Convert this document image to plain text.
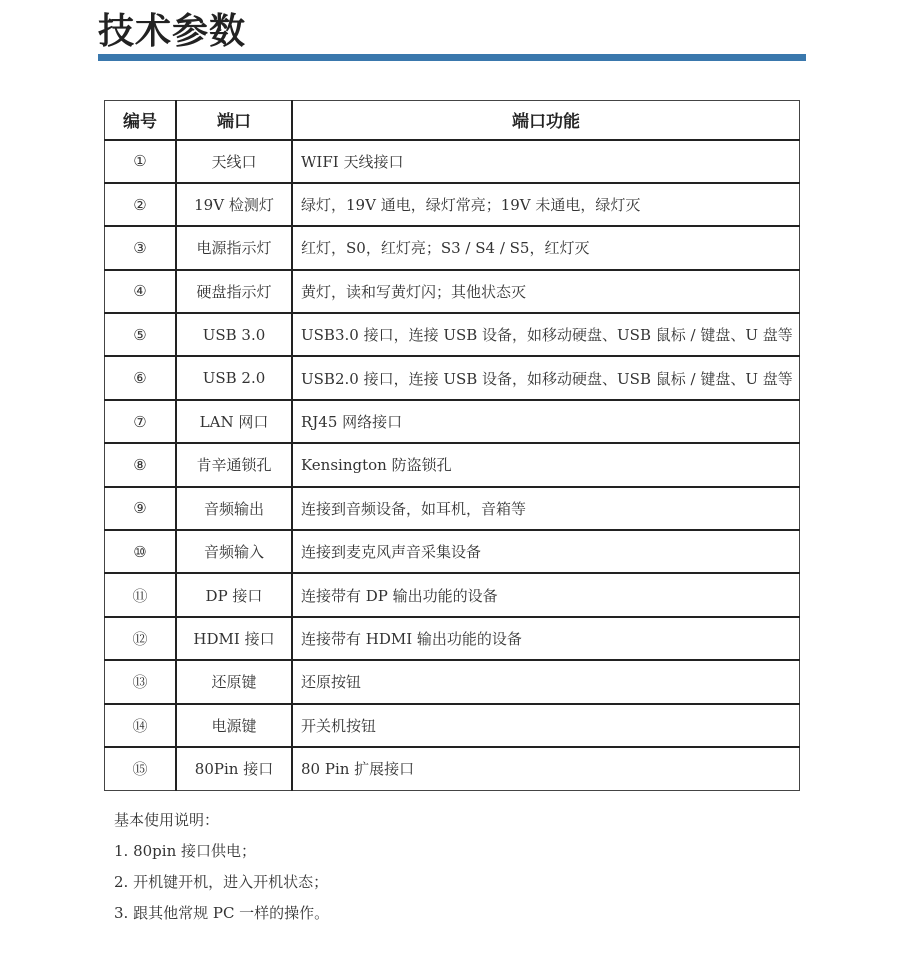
技术参数
编号	端口	端口功能
①	天线口	WIFI 天线接口
②	19V 检测灯	绿灯，19V 通电，绿灯常亮；19V 未通电，绿灯灭
③	电源指示灯	红灯，S0，红灯亮；S3 / S4 / S5，红灯灭
④	硬盘指示灯	黄灯，读和写黄灯闪；其他状态灭
⑤	USB 3.0	USB3.0 接口，连接 USB 设备，如移动硬盘、USB 鼠标 / 键盘、U 盘等
⑥	USB 2.0	USB2.0 接口，连接 USB 设备，如移动硬盘、USB 鼠标 / 键盘、U 盘等
⑦	LAN 网口	RJ45 网络接口
⑧	肯辛通锁孔	Kensington 防盗锁孔
⑨	音频输出	连接到音频设备，如耳机，音箱等
⑩	音频输入	连接到麦克风声音采集设备
⑪	DP 接口	连接带有 DP 输出功能的设备
⑫	HDMI 接口	连接带有 HDMI 输出功能的设备
⑬	还原键	还原按钮
⑭	电源键	开关机按钮
⑮	80Pin 接口	80 Pin 扩展接口
基本使用说明：
1. 80pin 接口供电；
2. 开机键开机，进入开机状态；
3. 跟其他常规 PC 一样的操作。
